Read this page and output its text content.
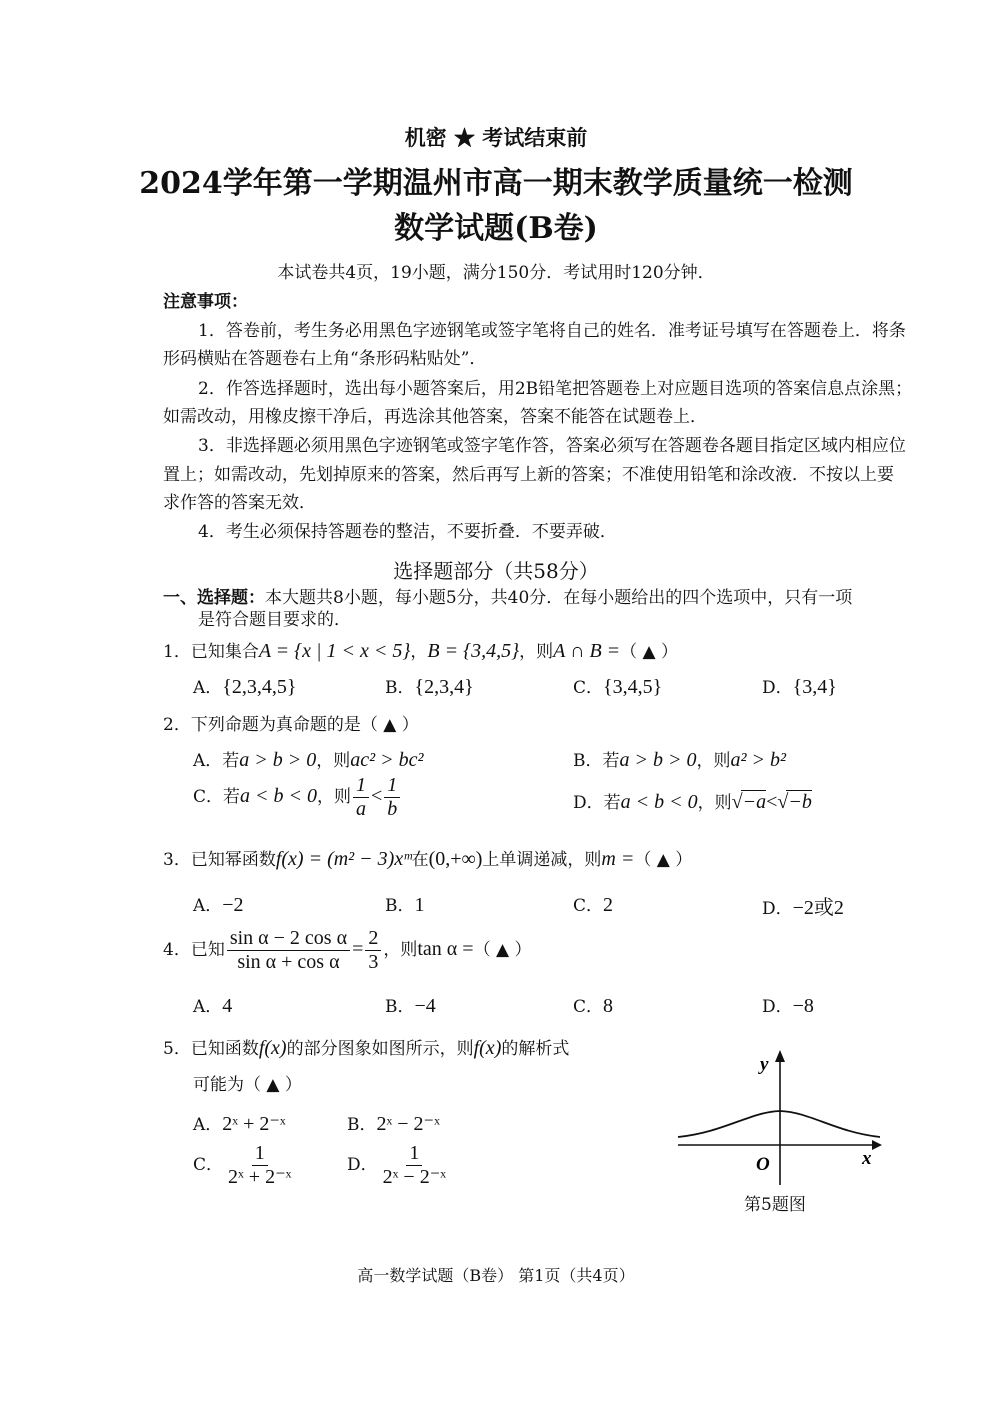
机密 ★ 考试结束前
2024学年第一学期温州市高一期末教学质量统一检测
数学试题(B卷)
本试卷共4页，19小题，满分150分．考试用时120分钟．
注意事项：
1．答卷前，考生务必用黑色字迹钢笔或签字笔将自己的姓名．准考证号填写在答题卷上．将条
形码横贴在答题卷右上角“条形码粘贴处”．
2．作答选择题时，选出每小题答案后，用2B铅笔把答题卷上对应题目选项的答案信息点涂黑；
如需改动，用橡皮擦干净后，再选涂其他答案，答案不能答在试题卷上．
3．非选择题必须用黑色字迹钢笔或签字笔作答，答案必须写在答题卷各题目指定区域内相应位
置上；如需改动，先划掉原来的答案，然后再写上新的答案；不准使用铅笔和涂改液．不按以上要
求作答的答案无效．
4．考生必须保持答题卷的整洁，不要折叠．不要弄破．
选择题部分（共58分）
一、选择题：本大题共8小题，每小题5分，共40分．在每小题给出的四个选项中，只有一项
是符合题目要求的．
1．已知集合A = {x | 1 < x < 5}，B = {3,4,5}，则A ∩ B =（ ▲ ）
A．{2,3,4,5}	B．{2,3,4}	C．{3,4,5}	D．{3,4}
2．下列命题为真命题的是（ ▲ ）
A．若a > b > 0，则ac² > bc²	B．若a > b > 0，则a² > b²
C．若a < b < 0，则 $\frac{1}{a} < \frac{1}{b}$	D．若a < b < 0，则√−a<√−b
3．已知幂函数f(x) = (m² − 3)xᵐ在(0,+∞)上单调递减，则m =（ ▲ ）
A．−2	B．1	C．2	D．−2或2
4．已知 $\frac{\text{sin α − 2 cos α}}{\text{sin α + cos α}} = \frac{2}{3}$ ，则tan α =（ ▲ ）
A．4	B．−4	C．8	D．−8
5．已知函数f(x)的部分图象如图所示，则f(x)的解析式
可能为（ ▲ ）
A．2ˣ + 2⁻ˣ	B．2ˣ − 2⁻ˣ
C． $\frac{1}{\text{2ˣ + 2⁻ˣ}}$	D． $\frac{1}{\text{2ˣ − 2⁻ˣ}}$
y
x
O
第5题图
高一数学试题（B卷） 第1页（共4页）
